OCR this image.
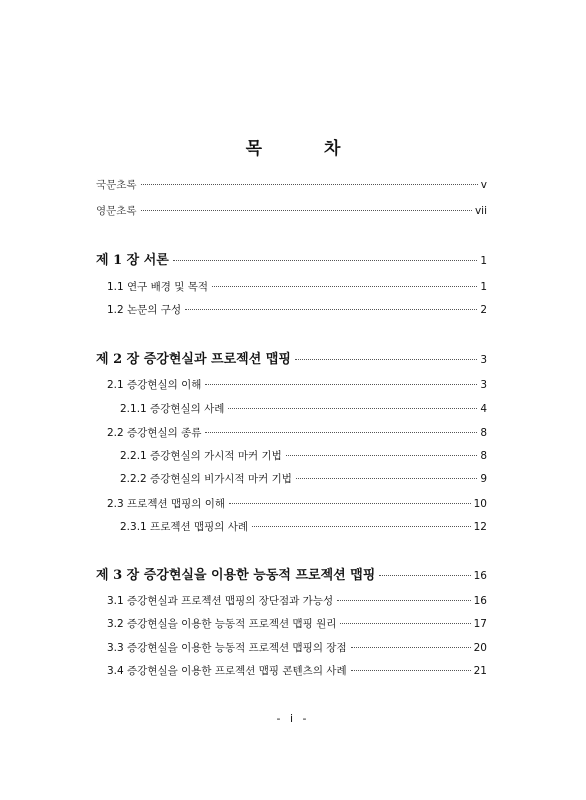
목 차
국문초록	v
영문초록	vii
제 1 장 서론	1
1.1 연구 배경 및 목적	1
1.2 논문의 구성	2
제 2 장 증강현실과 프로젝션 맵핑	3
2.1 증강현실의 이해	3
2.1.1 증강현실의 사례	4
2.2 증강현실의 종류	8
2.2.1 증강현실의 가시적 마커 기법	8
2.2.2 증강현실의 비가시적 마커 기법	9
2.3 프로젝션 맵핑의 이해	10
2.3.1 프로젝션 맵핑의 사례	12
제 3 장 증강현실을 이용한 능동적 프로젝션 맵핑	16
3.1 증강현실과 프로젝션 맵핑의 장단점과 가능성	16
3.2 증강현실을 이용한 능동적 프로젝션 맵핑 원리	17
3.3 증강현실을 이용한 능동적 프로젝션 맵핑의 장점	20
3.4 증강현실을 이용한 프로젝션 맵핑 콘텐츠의 사례	21
- i -
